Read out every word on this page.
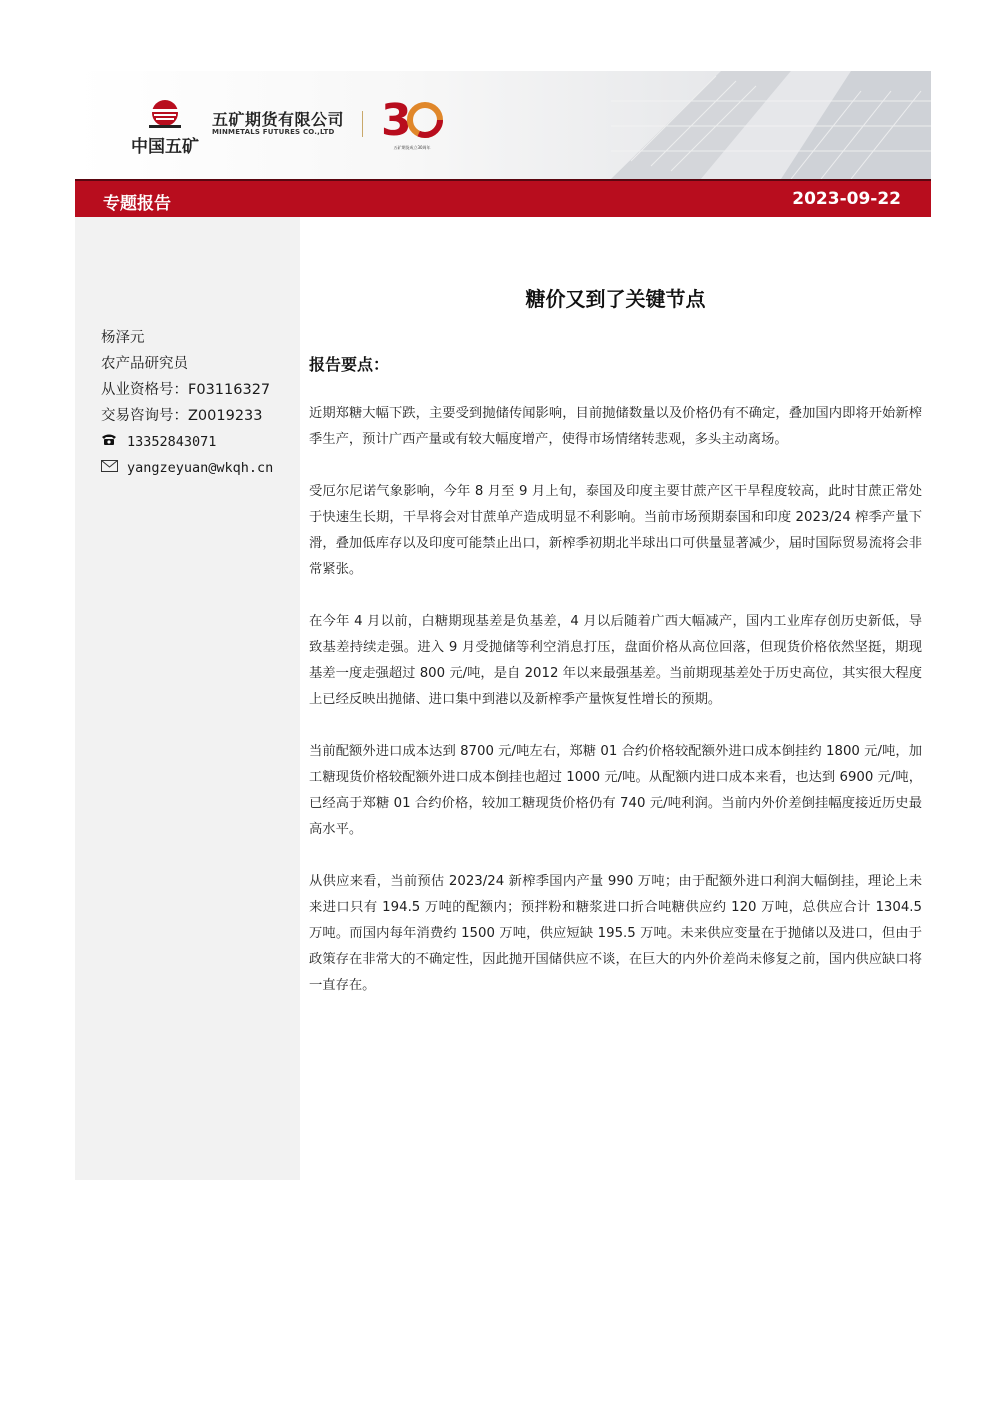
中国五矿
五矿期货有限公司
MINMETALS FUTURES CO.,LTD 3
五矿期货成立30周年
专题报告	2023-09-22
杨泽元
农产品研究员
从业资格号：F03116327
交易咨询号：Z0019233
13352843071
yangzeyuan@wkqh.cn
糖价又到了关键节点
报告要点：

近期郑糖大幅下跌，主要受到抛储传闻影响，目前抛储数量以及价格仍有不确定，叠加国内即将开始新榨季生产，预计广西产量或有较大幅度增产，使得市场情绪转悲观，多头主动离场。

受厄尔尼诺气象影响，今年 8 月至 9 月上旬，泰国及印度主要甘蔗产区干旱程度较高，此时甘蔗正常处于快速生长期，干旱将会对甘蔗单产造成明显不利影响。当前市场预期泰国和印度 2023/24 榨季产量下滑，叠加低库存以及印度可能禁止出口，新榨季初期北半球出口可供量显著减少，届时国际贸易流将会非常紧张。

在今年 4 月以前，白糖期现基差是负基差，4 月以后随着广西大幅减产，国内工业库存创历史新低，导致基差持续走强。进入 9 月受抛储等利空消息打压，盘面价格从高位回落，但现货价格依然坚挺，期现基差一度走强超过 800 元/吨，是自 2012 年以来最强基差。当前期现基差处于历史高位，其实很大程度上已经反映出抛储、进口集中到港以及新榨季产量恢复性增长的预期。

当前配额外进口成本达到 8700 元/吨左右，郑糖 01 合约价格较配额外进口成本倒挂约 1800 元/吨，加工糖现货价格较配额外进口成本倒挂也超过 1000 元/吨。从配额内进口成本来看，也达到 6900 元/吨，已经高于郑糖 01 合约价格，较加工糖现货价格仍有 740 元/吨利润。当前内外价差倒挂幅度接近历史最高水平。

从供应来看，当前预估 2023/24 新榨季国内产量 990 万吨；由于配额外进口利润大幅倒挂，理论上未来进口只有 194.5 万吨的配额内；预拌粉和糖浆进口折合吨糖供应约 120 万吨，总供应合计 1304.5 万吨。而国内每年消费约 1500 万吨，供应短缺 195.5 万吨。未来供应变量在于抛储以及进口，但由于政策存在非常大的不确定性，因此抛开国储供应不谈，在巨大的内外价差尚未修复之前，国内供应缺口将一直存在。
